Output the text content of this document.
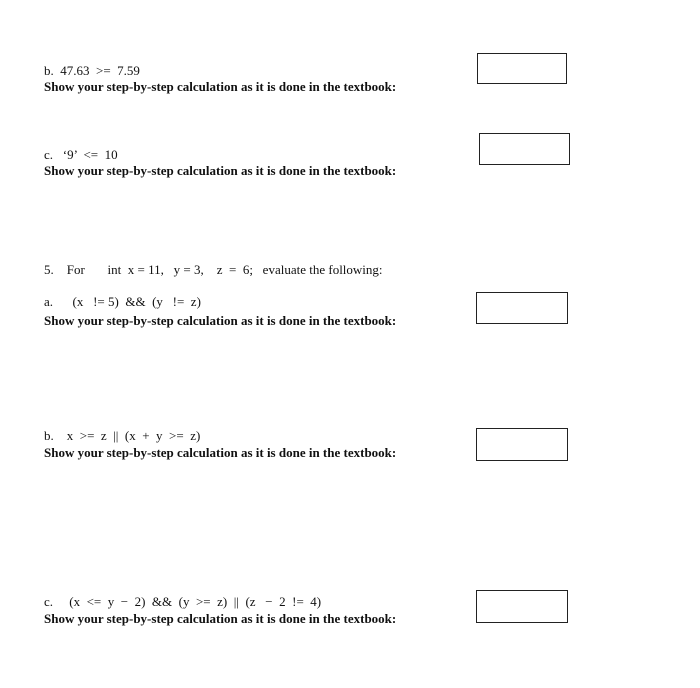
b.  47.63  >=  7.59
Show your step-by-step calculation as it is done in the textbook:
c.   ‘9’  <=  10
Show your step-by-step calculation as it is done in the textbook:
5.    For       int  x = 11,   y = 3,    z  =  6;   evaluate the following:
a.      (x   != 5)  &&  (y   !=  z)
Show your step-by-step calculation as it is done in the textbook:
b.    x  >=  z  ||  (x  +  y  >=  z)
Show your step-by-step calculation as it is done in the textbook:
c.     (x  <=  y  −  2)  &&  (y  >=  z)  ||  (z   −  2  !=  4)
Show your step-by-step calculation as it is done in the textbook:
